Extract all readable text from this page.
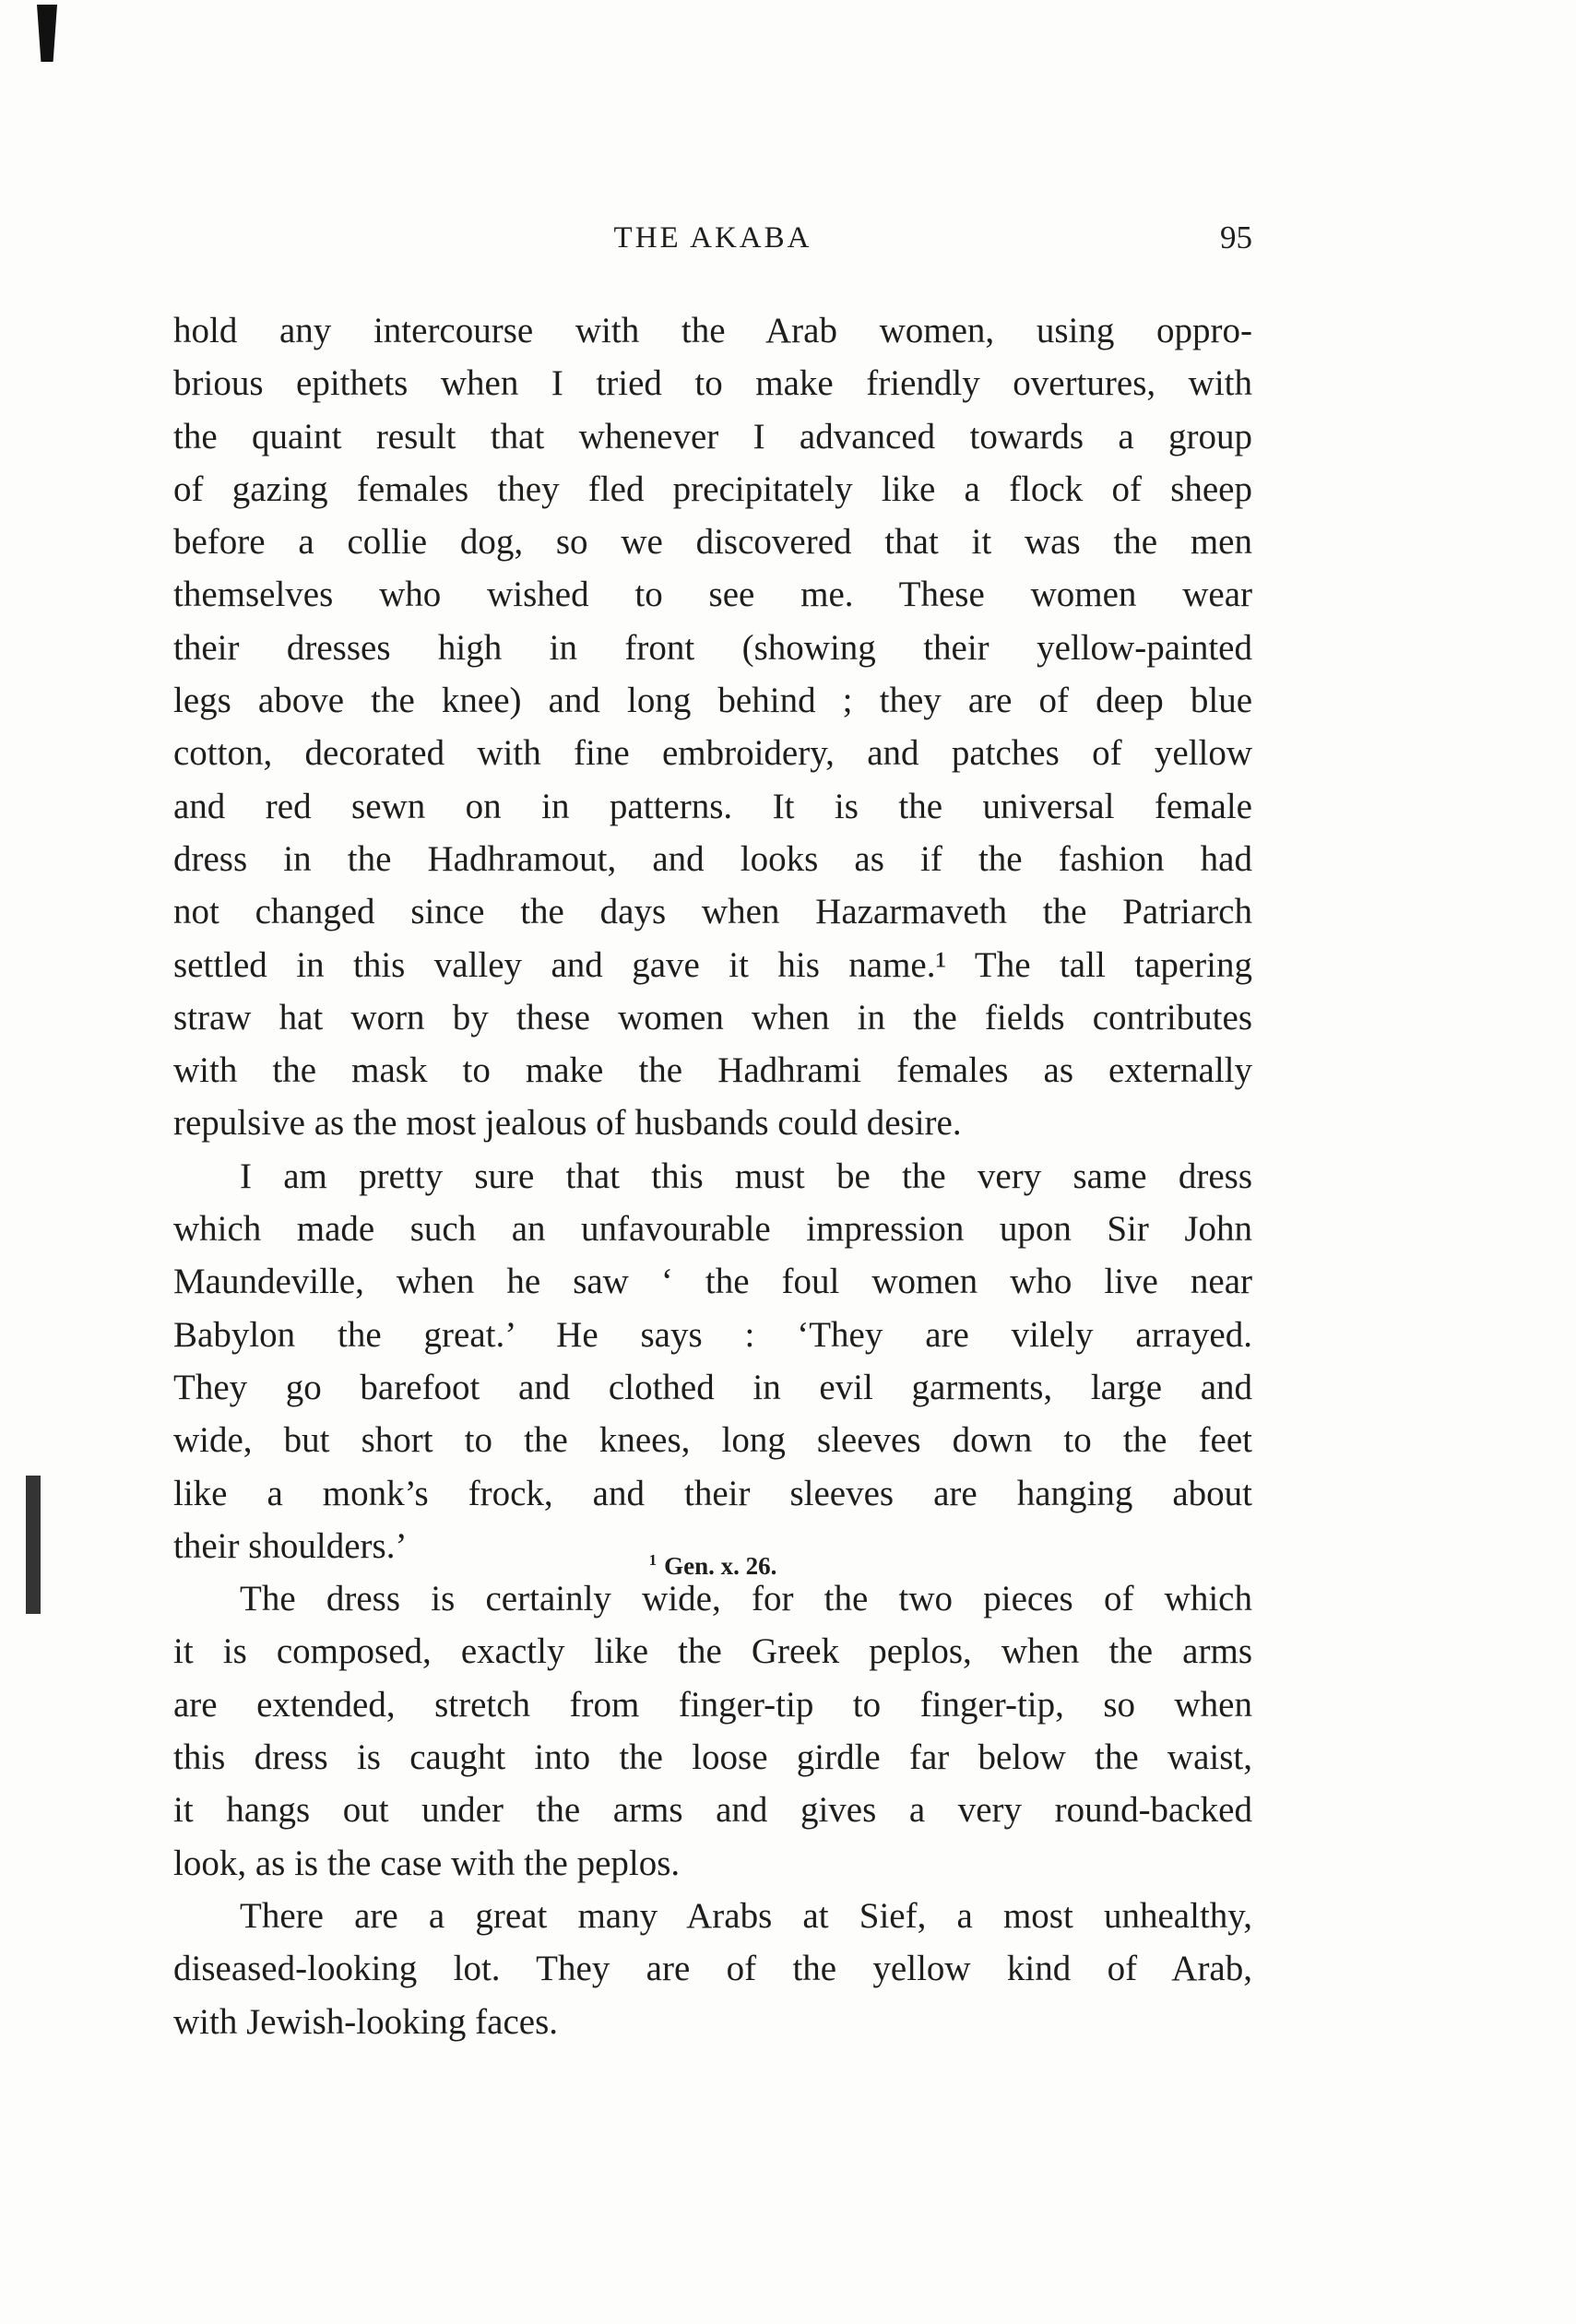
THE AKABA	95
hold any intercourse with the Arab women, using oppro-
brious epithets when I tried to make friendly overtures, with
the quaint result that whenever I advanced towards a group
of gazing females they fled precipitately like a flock of sheep
before a collie dog, so we discovered that it was the men
themselves who wished to see me. These women wear
their dresses high in front (showing their yellow-painted
legs above the knee) and long behind ; they are of deep blue
cotton, decorated with fine embroidery, and patches of yellow
and red sewn on in patterns. It is the universal female
dress in the Hadhramout, and looks as if the fashion had
not changed since the days when Hazarmaveth the Patriarch
settled in this valley and gave it his name.¹ The tall tapering
straw hat worn by these women when in the fields contributes
with the mask to make the Hadhrami females as externally
repulsive as the most jealous of husbands could desire.
I am pretty sure that this must be the very same dress
which made such an unfavourable impression upon Sir John
Maundeville, when he saw ‘ the foul women who live near
Babylon the great.’ He says : ‘They are vilely arrayed.
They go barefoot and clothed in evil garments, large and
wide, but short to the knees, long sleeves down to the feet
like a monk’s frock, and their sleeves are hanging about
their shoulders.’
The dress is certainly wide, for the two pieces of which
it is composed, exactly like the Greek peplos, when the arms
are extended, stretch from finger-tip to finger-tip, so when
this dress is caught into the loose girdle far below the waist,
it hangs out under the arms and gives a very round-backed
look, as is the case with the peplos.
There are a great many Arabs at Sief, a most unhealthy,
diseased-looking lot. They are of the yellow kind of Arab,
with Jewish-looking faces.
$^1$ Gen. x. 26.
